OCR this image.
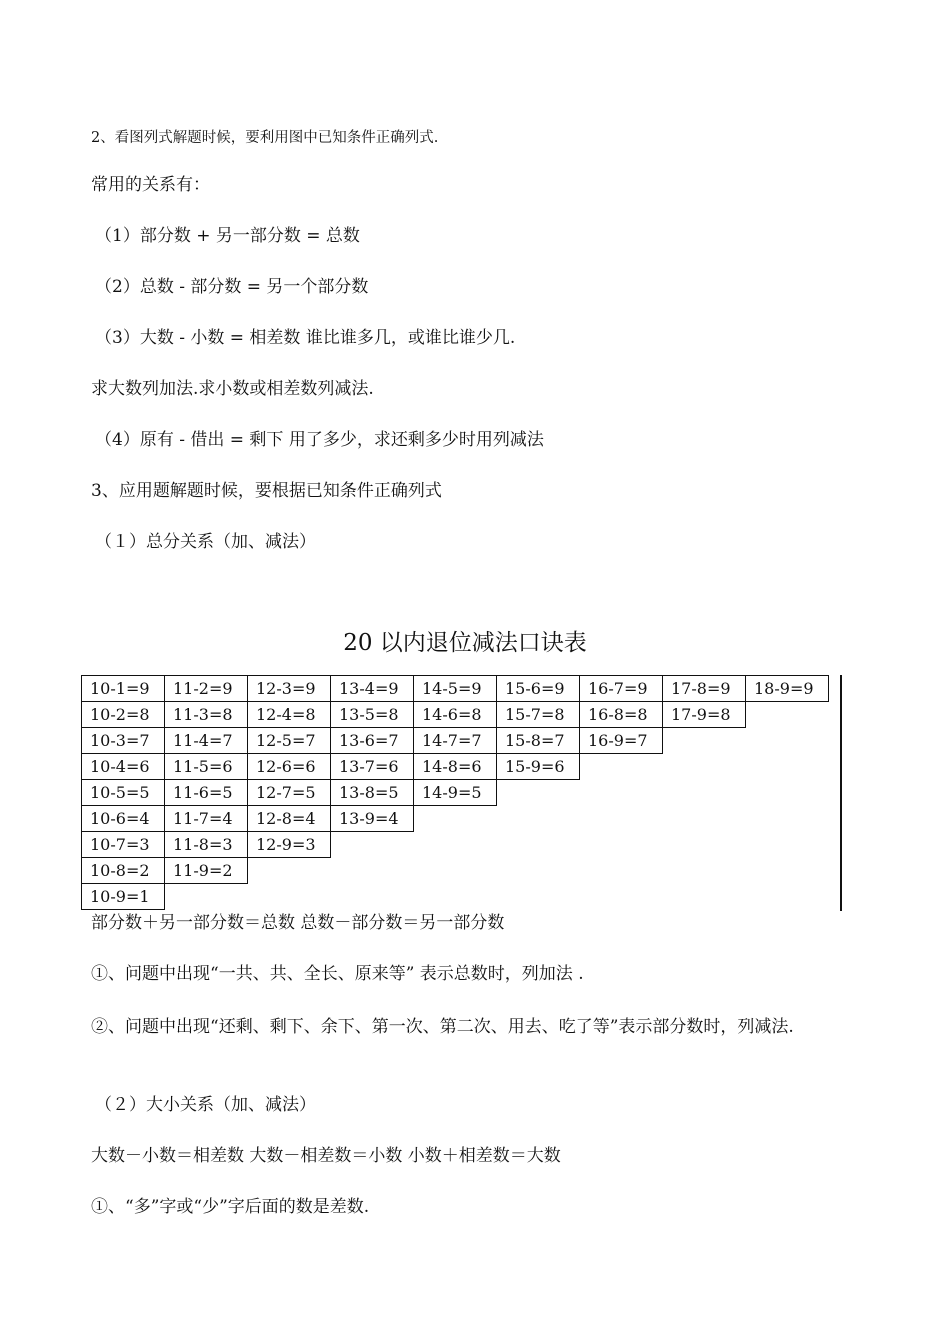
2、看图列式解题时候，要利用图中已知条件正确列式.
常用的关系有：
（1）部分数 + 另一部分数 = 总数
（2）总数 - 部分数 = 另一个部分数
（3）大数 - 小数 = 相差数 谁比谁多几，或谁比谁少几.
求大数列加法.求小数或相差数列减法.
（4）原有 - 借出 = 剩下 用了多少，求还剩多少时用列减法
3、应用题解题时候，要根据已知条件正确列式
（１）总分关系（加、减法）
20 以内退位减法口诀表
10-1=9	11-2=9	12-3=9	13-4=9	14-5=9	15-6=9	16-7=9	17-8=9	18-9=9
10-2=8	11-3=8	12-4=8	13-5=8	14-6=8	15-7=8	16-8=8	17-9=8	
10-3=7	11-4=7	12-5=7	13-6=7	14-7=7	15-8=7	16-9=7		
10-4=6	11-5=6	12-6=6	13-7=6	14-8=6	15-9=6			
10-5=5	11-6=5	12-7=5	13-8=5	14-9=5				
10-6=4	11-7=4	12-8=4	13-9=4					
10-7=3	11-8=3	12-9=3						
10-8=2	11-9=2							
10-9=1								
部分数＋另一部分数＝总数 总数－部分数＝另一部分数
①、问题中出现“一共、共、全长、原来等” 表示总数时，列加法 .
②、问题中出现“还剩、剩下、余下、第一次、第二次、用去、吃了等”表示部分数时，列减法.
（２）大小关系（加、减法）
大数－小数＝相差数 大数－相差数＝小数 小数＋相差数＝大数
①、“多”字或“少”字后面的数是差数.
